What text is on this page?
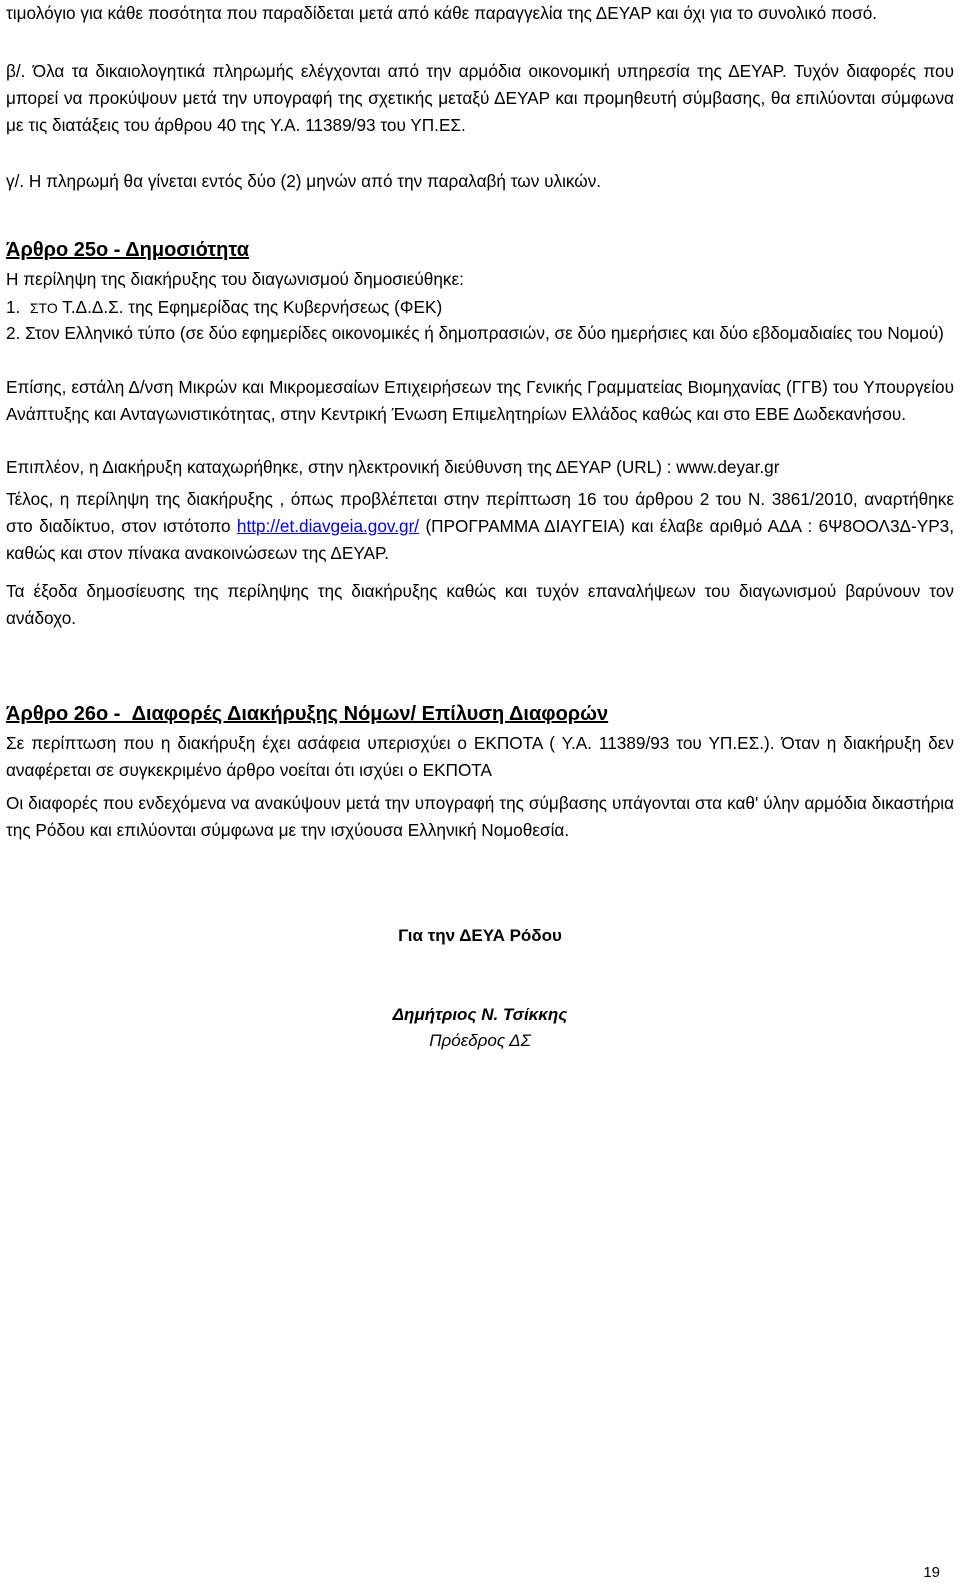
τιμολόγιο για κάθε ποσότητα που παραδίδεται μετά από κάθε παραγγελία της ΔΕΥΑΡ και όχι για το συνολικό ποσό.

β/. Όλα τα δικαιολογητικά πληρωμής ελέγχονται από την αρμόδια οικονομική υπηρεσία της ΔΕΥΑΡ. Τυχόν διαφορές που μπορεί να προκύψουν μετά την υπογραφή της σχετικής μεταξύ ΔΕΥΑΡ και προμηθευτή σύμβασης, θα επιλύονται σύμφωνα με τις διατάξεις του άρθρου 40 της Υ.Α. 11389/93 του ΥΠ.ΕΣ.

γ/. Η πληρωμή θα γίνεται εντός δύο (2) μηνών από την παραλαβή των υλικών.

Άρθρο 25ο - Δημοσιότητα

Η περίληψη της διακήρυξης του διαγωνισμού δημοσιεύθηκε:

1. ΣΤΟ Τ.Δ.Δ.Σ. της Εφημερίδας της Κυβερνήσεως (ΦΕΚ)

2. Στον Ελληνικό τύπο (σε δύο εφημερίδες οικονομικές ή δημοπρασιών, σε δύο ημερήσιες και δύο εβδομαδιαίες του Νομού)

Επίσης, εστάλη Δ/νση Μικρών και Μικρομεσαίων Επιχειρήσεων της Γενικής Γραμματείας Βιομηχανίας (ΓΓΒ) του Υπουργείου Ανάπτυξης και Ανταγωνιστικότητας, στην Κεντρική Ένωση Επιμελητηρίων Ελλάδος καθώς και στο ΕΒΕ Δωδεκανήσου.

Επιπλέον, η Διακήρυξη καταχωρήθηκε, στην ηλεκτρονική διεύθυνση της ΔΕΥΑΡ (URL) : www.deyar.gr

Τέλος, η περίληψη της διακήρυξης , όπως προβλέπεται στην περίπτωση 16 του άρθρου 2 του Ν. 3861/2010, αναρτήθηκε στο διαδίκτυο, στον ιστότοπο http://et.diavgeia.gov.gr/ (ΠΡΟΓΡΑΜΜΑ ΔΙΑΥΓΕΙΑ) και έλαβε αριθμό ΑΔΑ : 6Ψ8ΟΟΛ3Δ-ΥΡ3, καθώς και στον πίνακα ανακοινώσεων της ΔΕΥΑΡ.

Τα έξοδα δημοσίευσης της περίληψης της διακήρυξης καθώς και τυχόν επαναλήψεων του διαγωνισμού βαρύνουν τον ανάδοχο.

Άρθρο 26ο - Διαφορές Διακήρυξης Νόμων/ Επίλυση Διαφορών

Σε περίπτωση που η διακήρυξη έχει ασάφεια υπερισχύει ο ΕΚΠΟΤΑ ( Υ.Α. 11389/93 του ΥΠ.ΕΣ.). Όταν η διακήρυξη δεν αναφέρεται σε συγκεκριμένο άρθρο νοείται ότι ισχύει ο ΕΚΠΟΤΑ

Οι διαφορές που ενδεχόμενα να ανακύψουν μετά την υπογραφή της σύμβασης υπάγονται στα καθ' ύλην αρμόδια δικαστήρια της Ρόδου και επιλύονται σύμφωνα με την ισχύουσα Ελληνική Νομοθεσία.

Για την ΔΕΥΑ Ρόδου
Δημήτριος Ν. Τσίκκης
Πρόεδρος ΔΣ
19
